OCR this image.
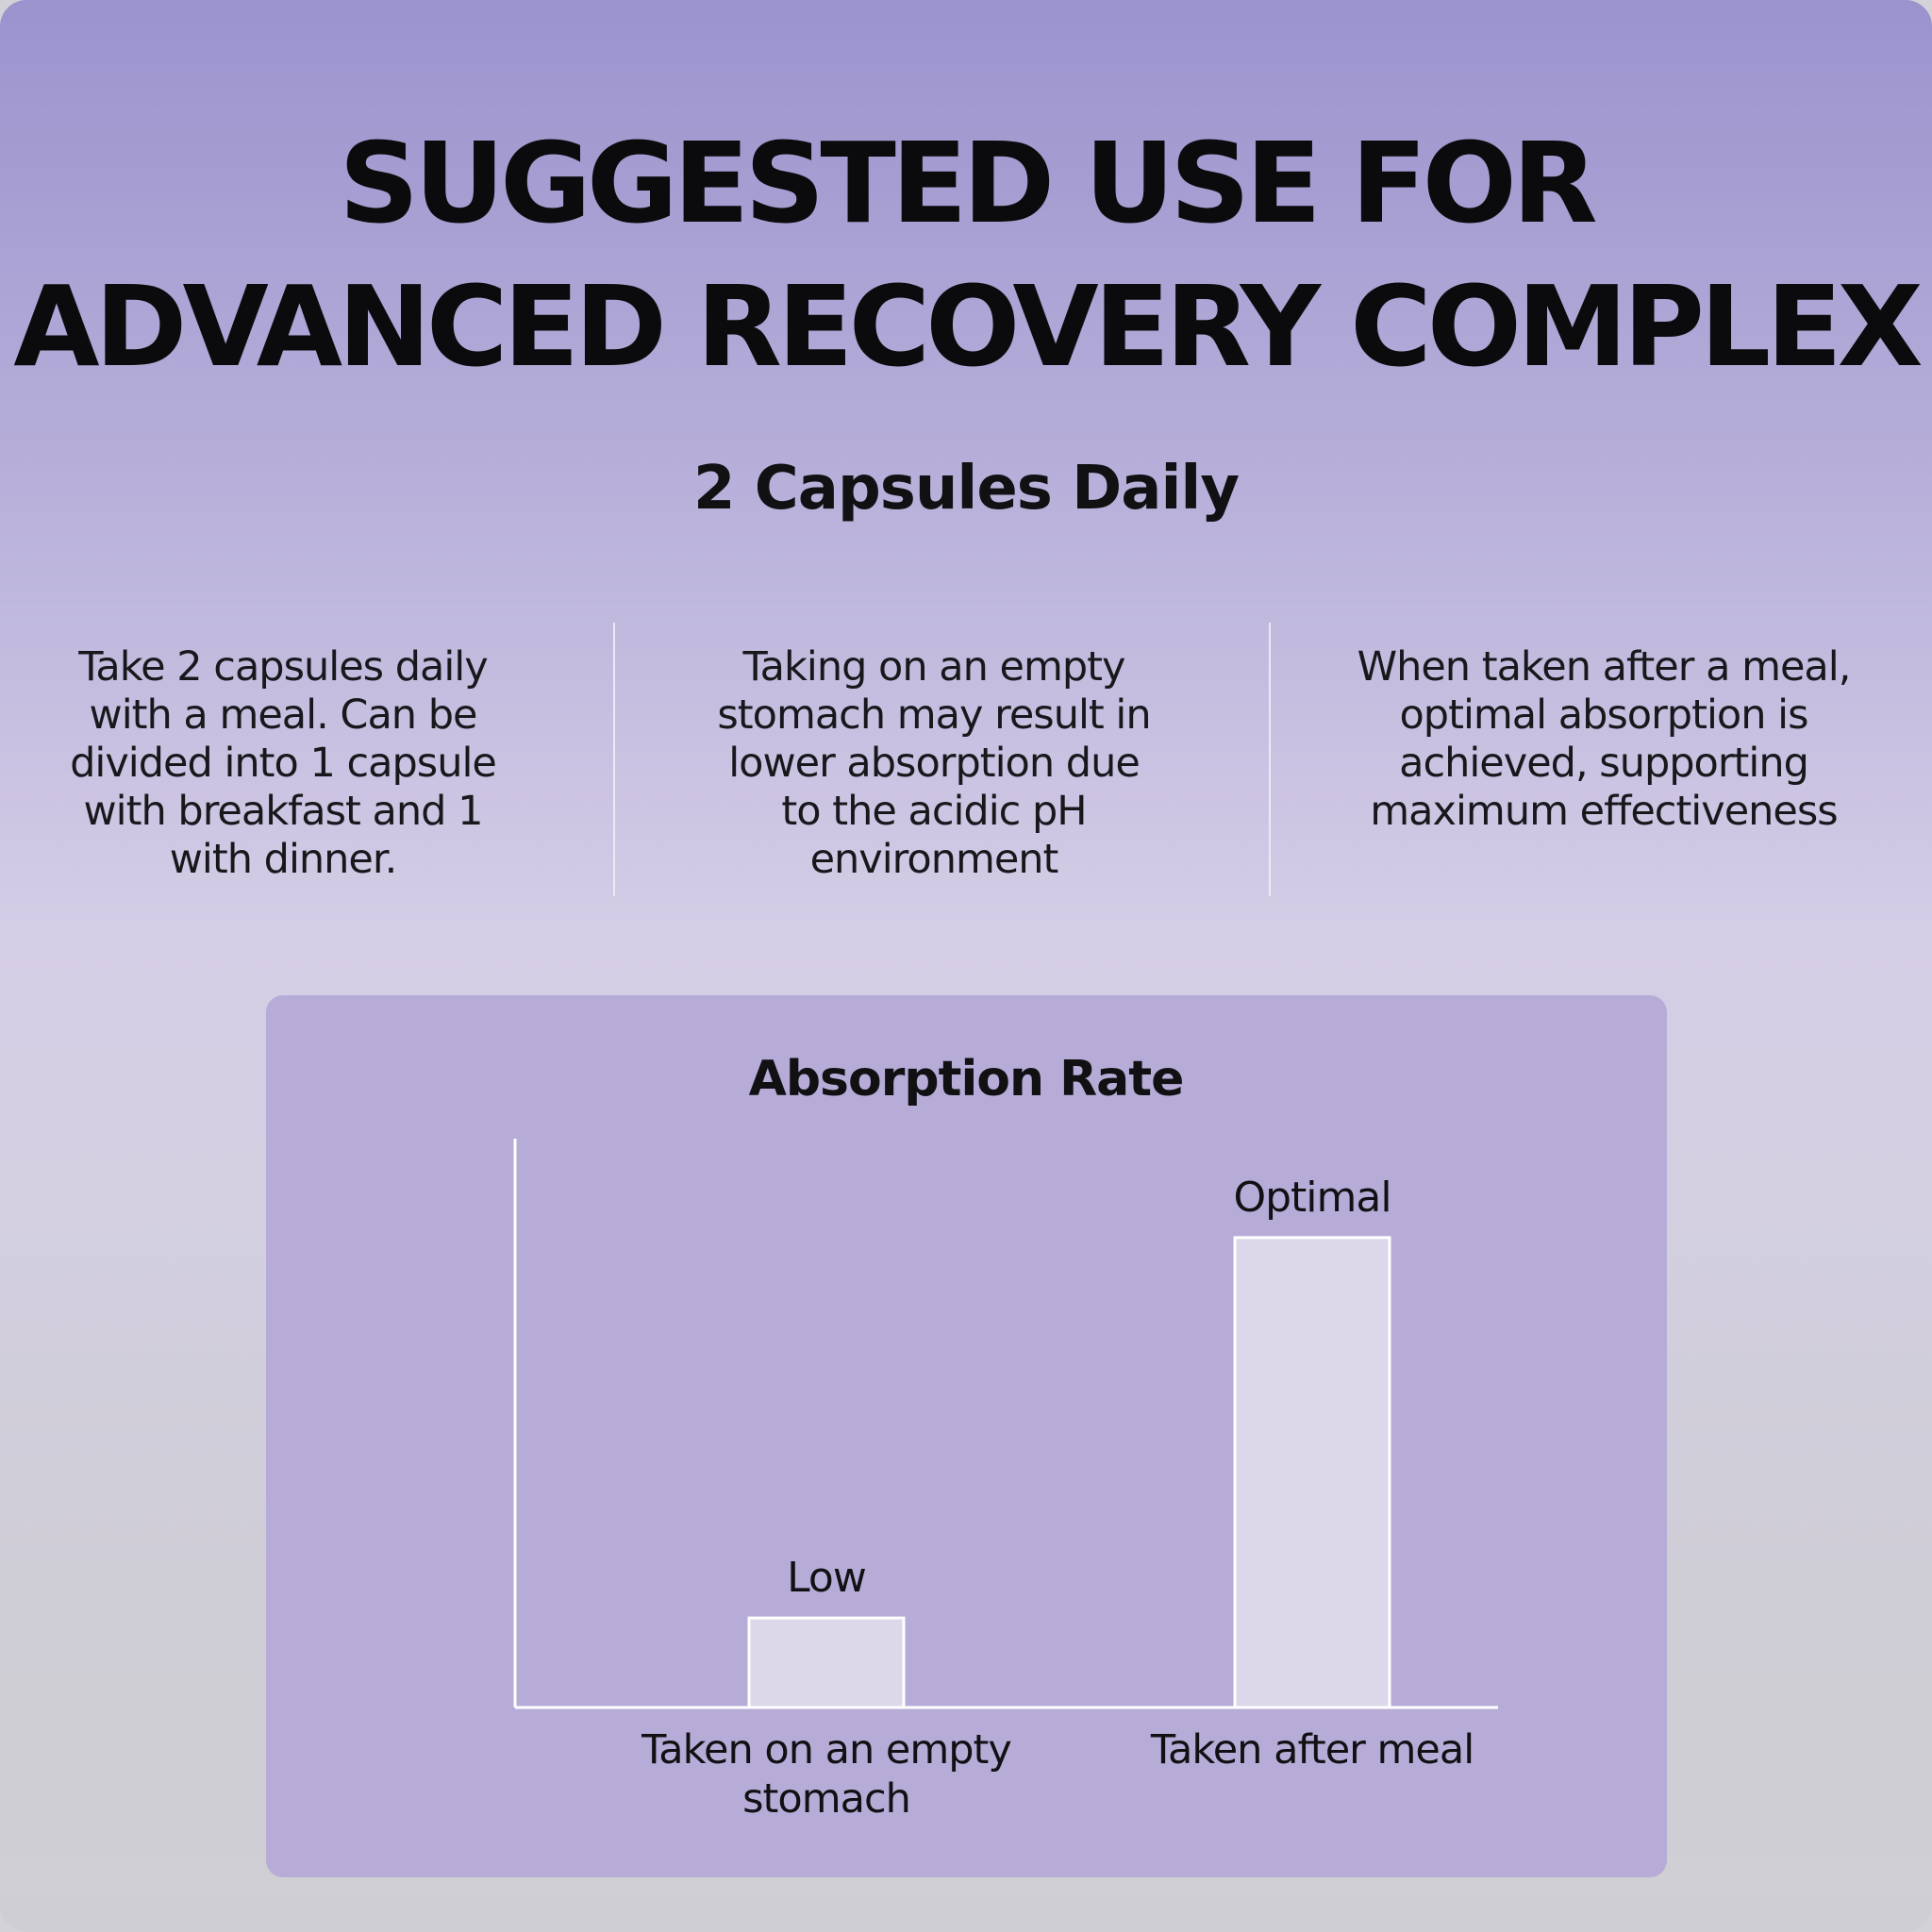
SUGGESTED USE FOR
ADVANCED RECOVERY COMPLEX
2 Capsules Daily
Take 2 capsules daily
with a meal. Can be
divided into 1 capsule
with breakfast and 1
with dinner.
Taking on an empty
stomach may result in
lower absorption due
to the acidic pH
environment
When taken after a meal,
optimal absorption is
achieved, supporting
maximum effectiveness
Absorption Rate
Low
Taken on an empty
stomach
Optimal
Taken after meal
